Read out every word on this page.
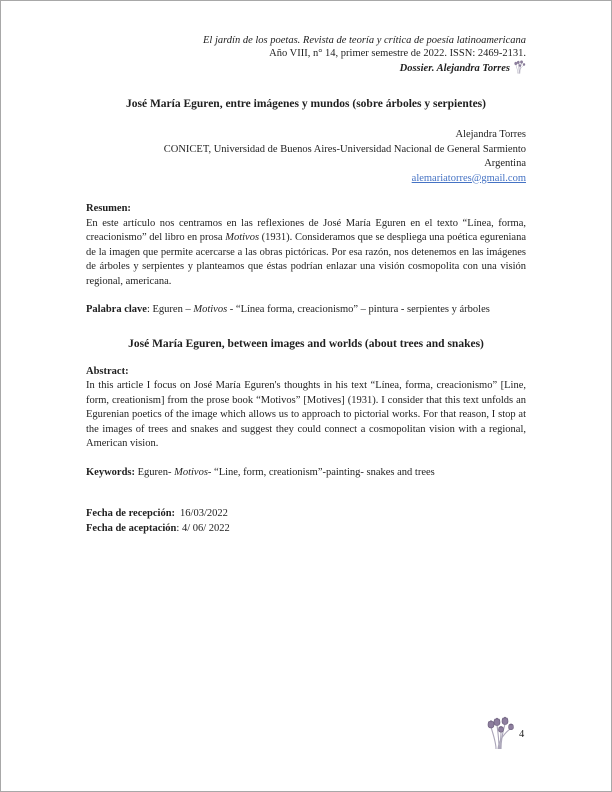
El jardín de los poetas. Revista de teoría y crítica de poesía latinoamericana
Año VIII, n° 14, primer semestre de 2022. ISSN: 2469-2131.
Dossier. Alejandra Torres
José María Eguren, entre imágenes y mundos (sobre árboles y serpientes)
Alejandra Torres
CONICET, Universidad de Buenos Aires-Universidad Nacional de General Sarmiento
Argentina
alemariatorres@gmail.com
Resumen:

En este artículo nos centramos en las reflexiones de José María Eguren en el texto “Línea, forma, creacionismo” del libro en prosa Motivos (1931). Consideramos que se despliega una poética egureniana de la imagen que permite acercarse a las obras pictóricas. Por esa razón, nos detenemos en las imágenes de árboles y serpientes y planteamos que éstas podrían enlazar una visión cosmopolita con una visión regional, americana.

Palabra clave: Eguren – Motivos - “Línea forma, creacionismo” – pintura - serpientes y árboles

José María Eguren, between images and worlds (about trees and snakes)
Abstract:

In this article I focus on José María Eguren's thoughts in his text “Línea, forma, creacionismo” [Line, form, creationism] from the prose book “Motivos” [Motives] (1931). I consider that this text unfolds an Egurenian poetics of the image which allows us to approach to pictorial works. For that reason, I stop at the images of trees and snakes and suggest they could connect a cosmopolitan vision with a regional, American vision.

Keywords: Eguren- Motivos- “Line, form, creationism”-painting- snakes and trees

Fecha de recepción: 16/03/2022
Fecha de aceptación: 4/ 06/ 2022
4
